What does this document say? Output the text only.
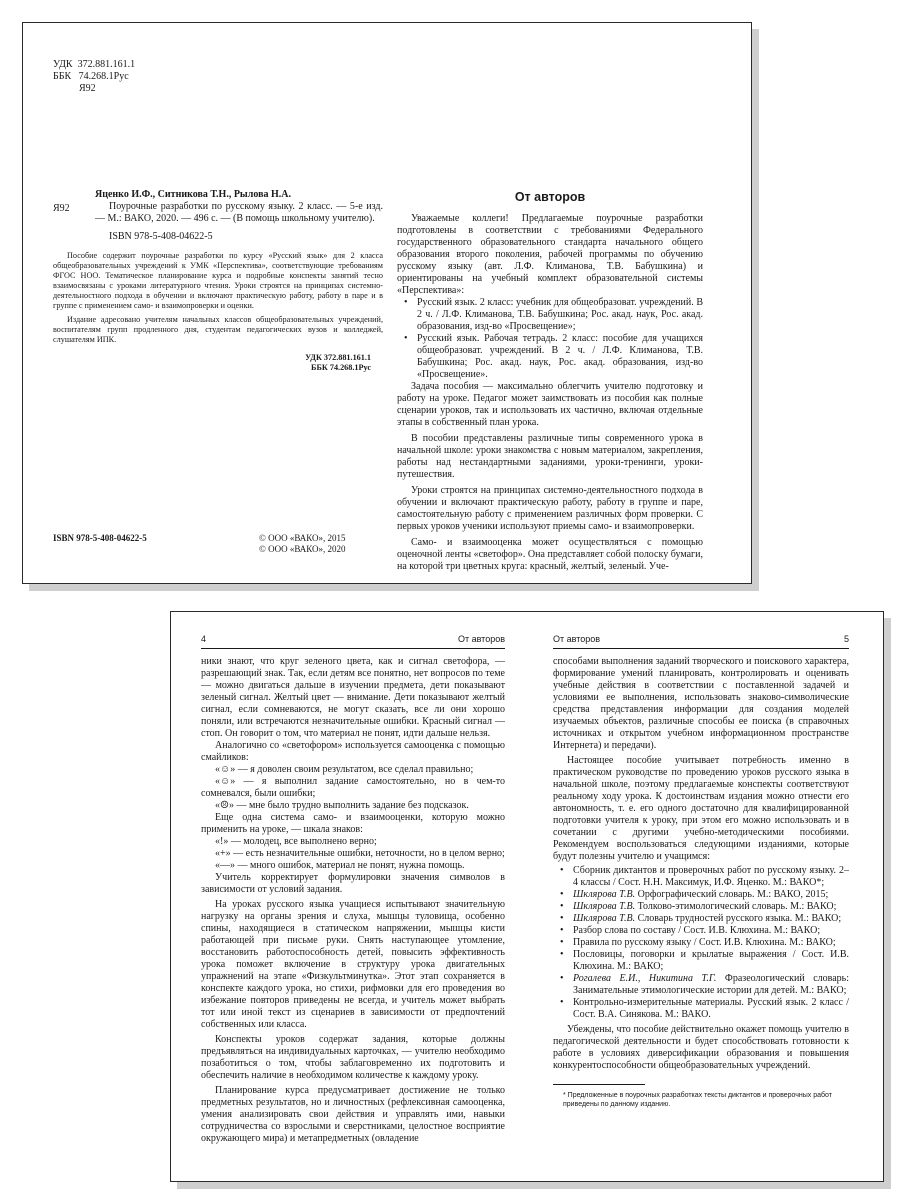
УДК 372.881.161.1
ББК 74.268.1Рус
Я92
Я92
Яценко И.Ф., Ситникова Т.Н., Рылова Н.А.
Поурочные разработки по русскому языку. 2 класс. — 5-е изд. — М.: ВАКО, 2020. — 496 с. — (В помощь школьному учителю).
ISBN 978-5-408-04622-5
Пособие содержит поурочные разработки по курсу «Русский язык» для 2 класса общеобразовательных учреждений к УМК «Перспектива», соответствующие требованиям ФГОС НОО. Тематическое планирование курса и подробные конспекты занятий тесно взаимосвязаны с уроками литературного чтения. Уроки строятся на принципах системно-деятельностного подхода в обучении и включают практическую работу, работу в паре и в группе с применением само- и взаимопроверки и оценки.
Издание адресовано учителям начальных классов общеобразовательных учреждений, воспитателям групп продленного дня, студентам педагогических вузов и колледжей, слушателям ИПК.
УДК 372.881.161.1
ББК 74.268.1Рус
ISBN 978-5-408-04622-5	© ООО «ВАКО», 2015
© ООО «ВАКО», 2020
От авторов
Уважаемые коллеги! Предлагаемые поурочные разработки подготовлены в соответствии с требованиями Федерального государственного образовательного стандарта начального общего образования второго поколения, рабочей программы по обучению русскому языку (авт. Л.Ф. Климанова, Т.В. Бабушкина) и ориентированы на учебный комплект образовательной системы «Перспектива»:
• Русский язык. 2 класс: учебник для общеобразоват. учреждений. В 2 ч. / Л.Ф. Климанова, Т.В. Бабушкина; Рос. акад. наук, Рос. акад. образования, изд-во «Просвещение»;
• Русский язык. Рабочая тетрадь. 2 класс: пособие для учащихся общеобразоват. учреждений. В 2 ч. / Л.Ф. Климанова, Т.В. Бабушкина; Рос. акад. наук, Рос. акад. образования, изд-во «Просвещение».
Задача пособия — максимально облегчить учителю подготовку и работу на уроке. Педагог может заимствовать из пособия как полные сценарии уроков, так и использовать их частично, включая отдельные этапы в собственный план урока.
В пособии представлены различные типы современного урока в начальной школе: уроки знакомства с новым материалом, закрепления, работы над нестандартными заданиями, уроки-тренинги, уроки-путешествия.
Уроки строятся на принципах системно-деятельностного подхода в обучении и включают практическую работу, работу в группе и паре, самостоятельную работу с применением различных форм проверки. С первых уроков ученики используют приемы само- и взаимопроверки.
Само- и взаимооценка может осуществляться с помощью оценочной ленты «светофор». Она представляет собой полоску бумаги, на которой три цветных круга: красный, желтый, зеленый. Уче-
4	От авторов
ники знают, что круг зеленого цвета, как и сигнал светофора, — разрешающий знак. Так, если детям все понятно, нет вопросов по теме — можно двигаться дальше в изучении предмета, дети показывают зеленый сигнал. Желтый цвет — внимание. Дети показывают желтый сигнал, если сомневаются, не могут сказать, все ли они хорошо поняли, или встречаются незначительные ошибки. Красный сигнал — стоп. Он говорит о том, что материал не понят, идти дальше нельзя.
Аналогично со «светофором» используется самооценка с помощью смайликов:
«☺» — я доволен своим результатом, все сделал правильно;
«☺» — я выполнил задание самостоятельно, но в чем-то сомневался, были ошибки;
«☹» — мне было трудно выполнить задание без подсказок.
Еще одна система само- и взаимооценки, которую можно применить на уроке, — шкала знаков:
«!» — молодец, все выполнено верно;
«+» — есть незначительные ошибки, неточности, но в целом верно;
«—» — много ошибок, материал не понят, нужна помощь.
Учитель корректирует формулировки значения символов в зависимости от условий задания.
На уроках русского языка учащиеся испытывают значительную нагрузку на органы зрения и слуха, мышцы туловища, особенно спины, находящиеся в статическом напряжении, мышцы кисти работающей при письме руки. Снять наступающее утомление, восстановить работоспособность детей, повысить эффективность урока поможет включение в структуру урока двигательных упражнений на этапе «Физкультминутка». Этот этап сохраняется в конспекте каждого урока, но стихи, рифмовки для его проведения во избежание повторов приведены не всегда, и учитель может выбрать тот или иной текст из сценариев в зависимости от предпочтений собственных или класса.
Конспекты уроков содержат задания, которые должны предъявляться на индивидуальных карточках, — учителю необходимо позаботиться о том, чтобы заблаговременно их подготовить и обеспечить наличие в необходимом количестве к каждому уроку.
Планирование курса предусматривает достижение не только предметных результатов, но и личностных (рефлексивная самооценка, умения анализировать свои действия и управлять ими, навыки сотрудничества со взрослыми и сверстниками, целостное восприятие окружающего мира) и метапредметных (овладение
От авторов	5
способами выполнения заданий творческого и поискового характера, формирование умений планировать, контролировать и оценивать учебные действия в соответствии с поставленной задачей и условиями ее выполнения, использовать знаково-символические средства представления информации для создания моделей изучаемых объектов, различные способы ее поиска (в справочных источниках и открытом учебном информационном пространстве Интернета) и передачи).
Настоящее пособие учитывает потребность именно в практическом руководстве по проведению уроков русского языка в начальной школе, поэтому предлагаемые конспекты соответствуют реальному ходу урока. К достоинствам издания можно отнести его автономность, т. е. его одного достаточно для квалифицированной подготовки учителя к уроку, при этом его можно использовать и в сочетании с другими учебно-методическими пособиями. Рекомендуем воспользоваться следующими изданиями, которые будут полезны учителю и учащимся:
• Сборник диктантов и проверочных работ по русскому языку. 2–4 классы / Сост. Н.Н. Максимук, И.Ф. Яценко. М.: ВАКО*;
• Шклярова Т.В. Орфографический словарь. М.: ВАКО, 2015;
• Шклярова Т.В. Толково-этимологический словарь. М.: ВАКО;
• Шклярова Т.В. Словарь трудностей русского языка. М.: ВАКО;
• Разбор слова по составу / Сост. И.В. Клюхина. М.: ВАКО;
• Правила по русскому языку / Сост. И.В. Клюхина. М.: ВАКО;
• Пословицы, поговорки и крылатые выражения / Сост. И.В. Клюхина. М.: ВАКО;
• Рогалева Е.И., Никитина Т.Г. Фразеологический словарь: Занимательные этимологические истории для детей. М.: ВАКО;
• Контрольно-измерительные материалы. Русский язык. 2 класс / Сост. В.А. Синякова. М.: ВАКО.
Убеждены, что пособие действительно окажет помощь учителю в педагогической деятельности и будет способствовать готовности к работе в условиях диверсификации образования и повышения конкурентоспособности общеобразовательных учреждений.
* Предложенные в поурочных разработках тексты диктантов и проверочных работ приведены по данному изданию.
